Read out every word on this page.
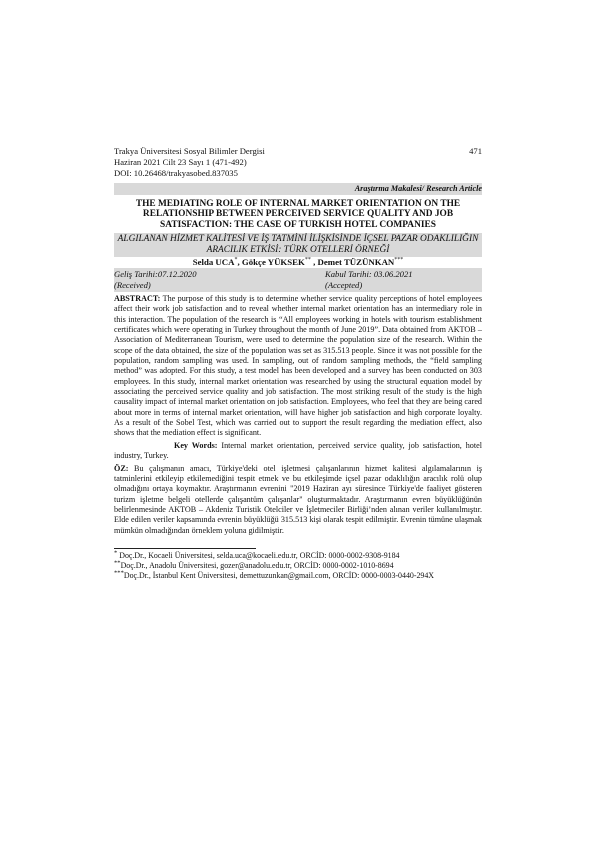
Trakya Üniversitesi Sosyal Bilimler Dergisi
Haziran 2021 Cilt 23 Sayı 1 (471-492)
DOI: 10.26468/trakyasobed.837035
471
Araştırma Makalesi/ Research Article
THE MEDIATING ROLE OF INTERNAL MARKET ORIENTATION ON THE RELATIONSHIP BETWEEN PERCEIVED SERVICE QUALITY AND JOB SATISFACTION: THE CASE OF TURKISH HOTEL COMPANIES
ALGILANAN HİZMET KALİTESİ VE İŞ TATMİNİ İLİŞKİSİNDE İÇSEL PAZAR ODAKLILIĞIN ARACILIK ETKİSİ: TÜRK OTELLERİ ÖRNEĞİ
Selda UCA*, Gökçe YÜKSEK** , Demet TÜZÜNKAN***
Geliş Tarihi:07.12.2020
(Received)
Kabul Tarihi: 03.06.2021
(Accepted)
ABSTRACT: The purpose of this study is to determine whether service quality perceptions of hotel employees affect their work job satisfaction and to reveal whether internal market orientation has an intermediary role in this interaction. The population of the research is “All employees working in hotels with tourism establishment certificates which were operating in Turkey throughout the month of June 2019”. Data obtained from AKTOB – Association of Mediterranean Tourism, were used to determine the population size of the research. Within the scope of the data obtained, the size of the population was set as 315.513 people. Since it was not possible for the population, random sampling was used. In sampling, out of random sampling methods, the “field sampling method” was adopted. For this study, a test model has been developed and a survey has been conducted on 303 employees. In this study, internal market orientation was researched by using the structural equation model by associating the perceived service quality and job satisfaction. The most striking result of the study is the high causality impact of internal market orientation on job satisfaction. Employees, who feel that they are being cared about more in terms of internal market orientation, will have higher job satisfaction and high corporate loyalty. As a result of the Sobel Test, which was carried out to support the result regarding the mediation effect, also shows that the mediation effect is significant.
Key Words: Internal market orientation, perceived service quality, job satisfaction, hotel industry, Turkey.
ÖZ: Bu çalışmanın amacı, Türkiye'deki otel işletmesi çalışanlarının hizmet kalitesi algılamalarının iş tatminlerini etkileyip etkilemediğini tespit etmek ve bu etkileşimde içsel pazar odaklılığın aracılık rolü olup olmadığını ortaya koymaktır. Araştırmanın evrenini "2019 Haziran ayı süresince Türkiye'de faaliyet gösteren turizm işletme belgeli otellerde çalışantüm çalışanlar" oluşturmaktadır. Araştırmanın evren büyüklüğünün belirlenmesinde AKTOB – Akdeniz Turistik Otelciler ve İşletmeciler Birliği’nden alınan veriler kullanılmıştır. Elde edilen veriler kapsamında evrenin büyüklüğü 315.513 kişi olarak tespit edilmiştir. Evrenin tümüne ulaşmak mümkün olmadığından örneklem yoluna gidilmiştir.

* Doç.Dr., Kocaeli Üniversitesi, selda.uca@kocaeli.edu.tr, ORCİD: 0000-0002-9308-9184

**Doç.Dr., Anadolu Üniversitesi, gozer@anadolu.edu.tr, ORCİD: 0000-0002-1010-8694

***Doç.Dr., İstanbul Kent Üniversitesi, demettuzunkan@gmail.com, ORCİD: 0000-0003-0440-294X
